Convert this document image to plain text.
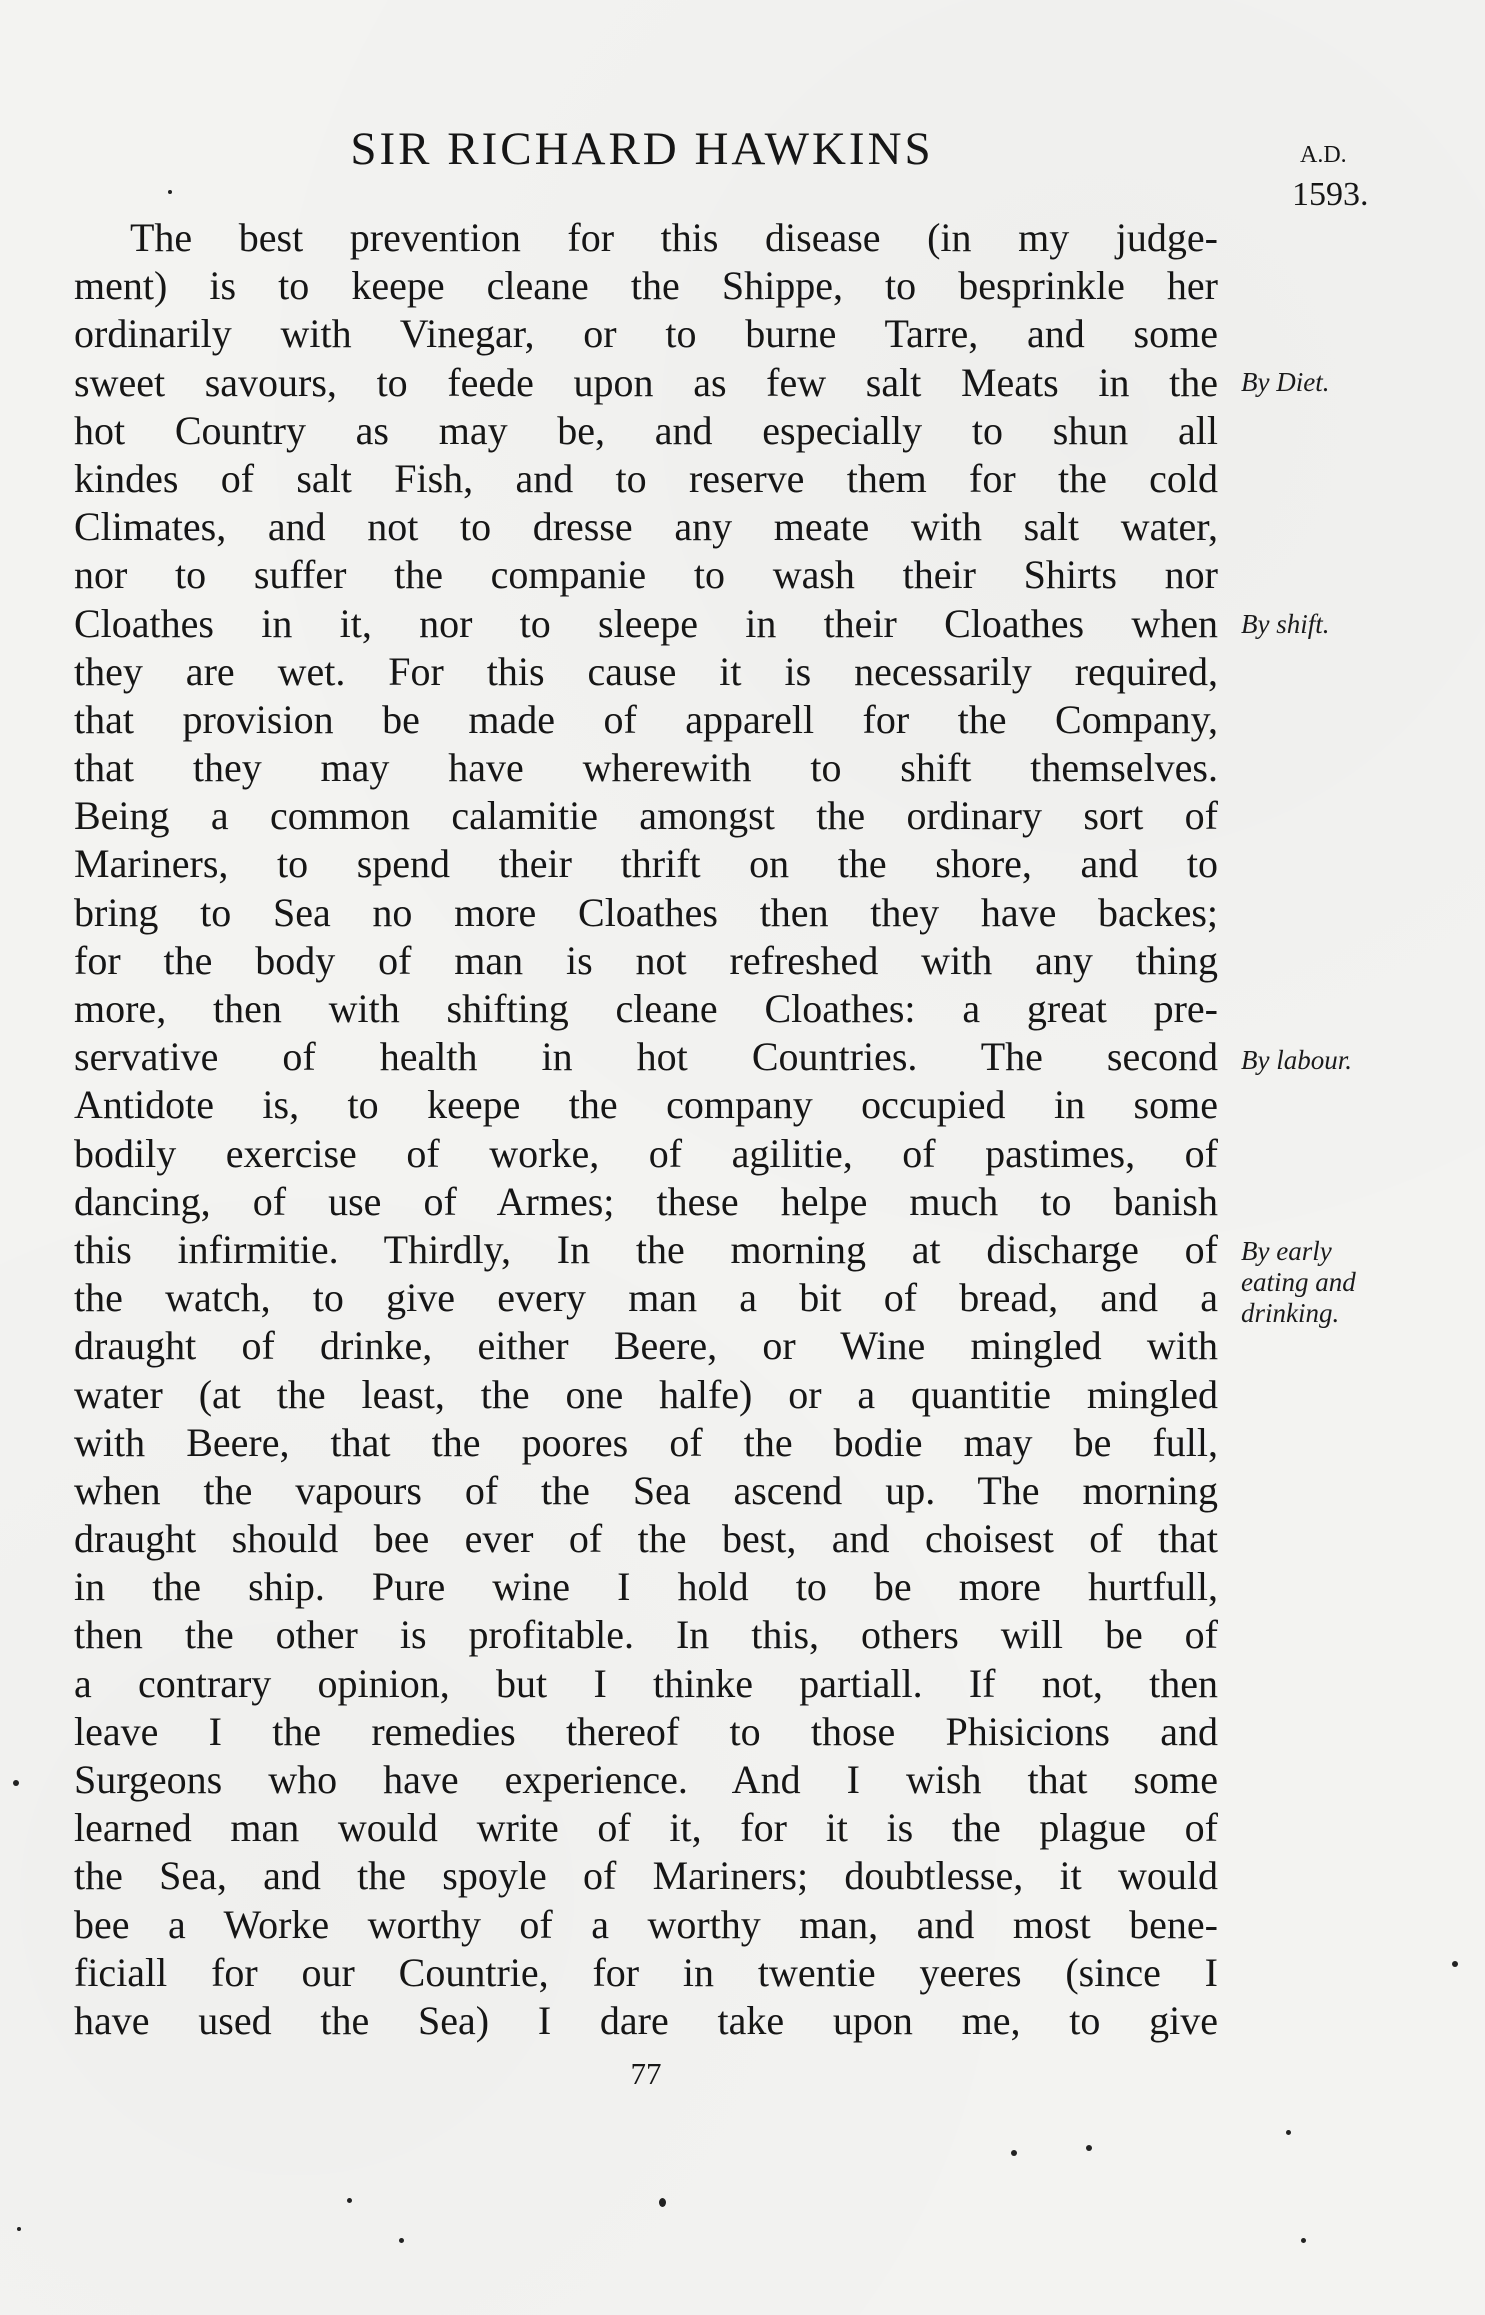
SIR RICHARD HAWKINS	A.D.
1593.
The best prevention for this disease (in my judge-
ment) is to keepe cleane the Shippe, to besprinkle her
ordinarily with Vinegar, or to burne Tarre, and some
sweet savours, to feede upon as few salt Meats in the
hot Country as may be, and especially to shun all
kindes of salt Fish, and to reserve them for the cold
Climates, and not to dresse any meate with salt water,
nor to suffer the companie to wash their Shirts nor
Cloathes in it, nor to sleepe in their Cloathes when
they are wet. For this cause it is necessarily required,
that provision be made of apparell for the Company,
that they may have wherewith to shift themselves.
Being a common calamitie amongst the ordinary sort of
Mariners, to spend their thrift on the shore, and to
bring to Sea no more Cloathes then they have backes;
for the body of man is not refreshed with any thing
more, then with shifting cleane Cloathes: a great pre-
servative of health in hot Countries. The second
Antidote is, to keepe the company occupied in some
bodily exercise of worke, of agilitie, of pastimes, of
dancing, of use of Armes; these helpe much to banish
this infirmitie. Thirdly, In the morning at discharge of
the watch, to give every man a bit of bread, and a
draught of drinke, either Beere, or Wine mingled with
water (at the least, the one halfe) or a quantitie mingled
with Beere, that the poores of the bodie may be full,
when the vapours of the Sea ascend up. The morning
draught should bee ever of the best, and choisest of that
in the ship. Pure wine I hold to be more hurtfull,
then the other is profitable. In this, others will be of
a contrary opinion, but I thinke partiall. If not, then
leave I the remedies thereof to those Phisicions and
Surgeons who have experience. And I wish that some
learned man would write of it, for it is the plague of
the Sea, and the spoyle of Mariners; doubtlesse, it would
bee a Worke worthy of a worthy man, and most bene-
ficiall for our Countrie, for in twentie yeeres (since I
have used the Sea) I dare take upon me, to give
By Diet.
By shift.
By labour.
By early
eating and
drinking.
77
